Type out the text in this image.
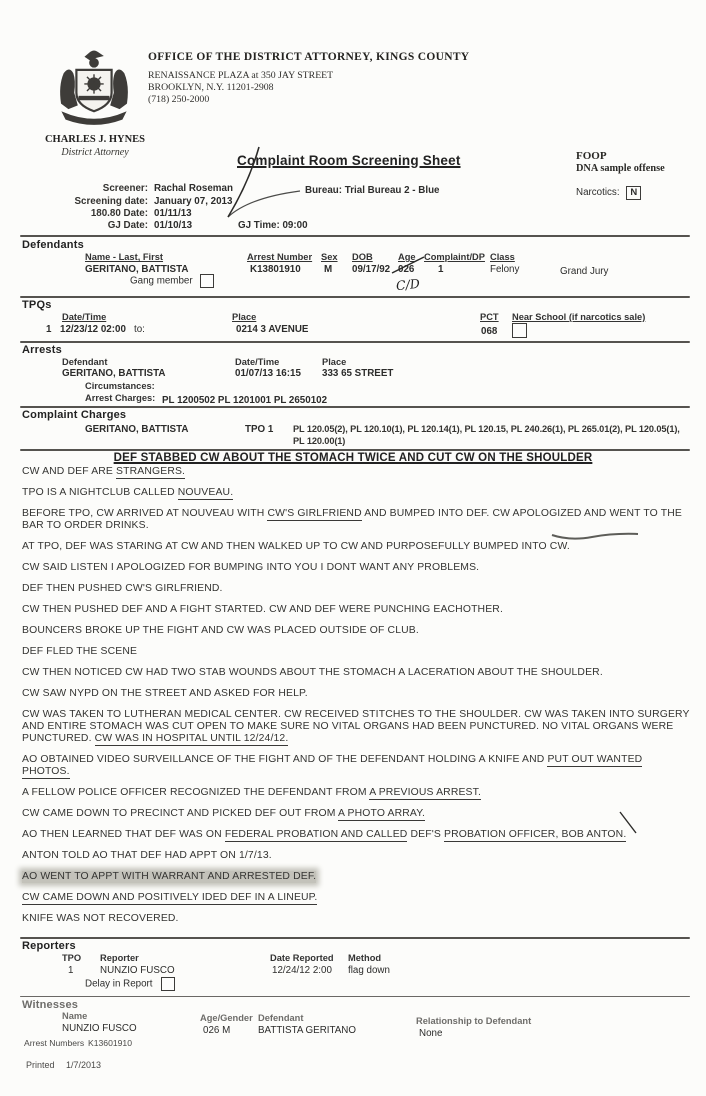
CHARLES J. HYNES
District Attorney
OFFICE OF THE DISTRICT ATTORNEY, KINGS COUNTY
RENAISSANCE PLAZA at 350 JAY STREET
BROOKLYN, N.Y. 11201-2908
(718) 250-2000
Complaint Room Screening Sheet	FOOP
DNA sample offense
Narcotics: N
Screener: Rachal Roseman	Bureau: Trial Bureau 2 - Blue
Screening date: January 07, 2013
180.80 Date: 01/11/13
GJ Date: 01/10/13	GJ Time: 09:00
Defendants
Name - Last, First	Arrest Number Sex DOB	Age Complaint/DP Class
GERITANO, BATTISTA	K13801910 M 09/17/92 026 1	Felony	Grand Jury
Gang member	C/D
TPQs
Date/Time	Place	PCT Near School (if narcotics sale)
1 12/23/12 02:00 to:	0214 3 AVENUE	068
Arrests
Defendant	Date/Time	Place
GERITANO, BATTISTA	01/07/13 16:15 333 65 STREET
Circumstances:
Arrest Charges: PL 1200502 PL 1201001 PL 2650102
Complaint Charges
GERITANO, BATTISTA	TPO 1 PL 120.05(2), PL 120.10(1), PL 120.14(1), PL 120.15, PL 240.26(1), PL 265.01(2), PL 120.05(1), PL 120.00(1)
DEF STABBED CW ABOUT THE STOMACH TWICE AND CUT CW ON THE SHOULDER

CW AND DEF ARE STRANGERS.

TPO IS A NIGHTCLUB CALLED NOUVEAU.

BEFORE TPO, CW ARRIVED AT NOUVEAU WITH CW'S GIRLFRIEND AND BUMPED INTO DEF. CW APOLOGIZED AND WENT TO THE BAR TO ORDER DRINKS.

AT TPO, DEF WAS STARING AT CW AND THEN WALKED UP TO CW AND PURPOSEFULLY BUMPED INTO CW.

CW SAID LISTEN I APOLOGIZED FOR BUMPING INTO YOU I DONT WANT ANY PROBLEMS.

DEF THEN PUSHED CW'S GIRLFRIEND.

CW THEN PUSHED DEF AND A FIGHT STARTED. CW AND DEF WERE PUNCHING EACHOTHER.

BOUNCERS BROKE UP THE FIGHT AND CW WAS PLACED OUTSIDE OF CLUB.

DEF FLED THE SCENE

CW THEN NOTICED CW HAD TWO STAB WOUNDS ABOUT THE STOMACH A LACERATION ABOUT THE SHOULDER.

CW SAW NYPD ON THE STREET AND ASKED FOR HELP.

CW WAS TAKEN TO LUTHERAN MEDICAL CENTER. CW RECEIVED STITCHES TO THE SHOULDER. CW WAS TAKEN INTO SURGERY AND ENTIRE STOMACH WAS CUT OPEN TO MAKE SURE NO VITAL ORGANS HAD BEEN PUNCTURED. NO VITAL ORGANS WERE PUNCTURED. CW WAS IN HOSPITAL UNTIL 12/24/12.

AO OBTAINED VIDEO SURVEILLANCE OF THE FIGHT AND OF THE DEFENDANT HOLDING A KNIFE AND PUT OUT WANTED PHOTOS.

A FELLOW POLICE OFFICER RECOGNIZED THE DEFENDANT FROM A PREVIOUS ARREST.

CW CAME DOWN TO PRECINCT AND PICKED DEF OUT FROM A PHOTO ARRAY.

AO THEN LEARNED THAT DEF WAS ON FEDERAL PROBATION AND CALLED DEF'S PROBATION OFFICER, BOB ANTON.

ANTON TOLD AO THAT DEF HAD APPT ON 1/7/13.

AO WENT TO APPT WITH WARRANT AND ARRESTED DEF.

CW CAME DOWN AND POSITIVELY IDED DEF IN A LINEUP.

KNIFE WAS NOT RECOVERED.

Reporters
TPO Reporter	Date Reported Method
1	NUNZIO FUSCO	12/24/12 2:00 flag down
Delay in Report
Witnesses
Name	Age/Gender Defendant	Relationship to Defendant
NUNZIO FUSCO	026 M	BATTISTA GERITANO	None
Arrest Numbers K13601910
Printed 1/7/2013
